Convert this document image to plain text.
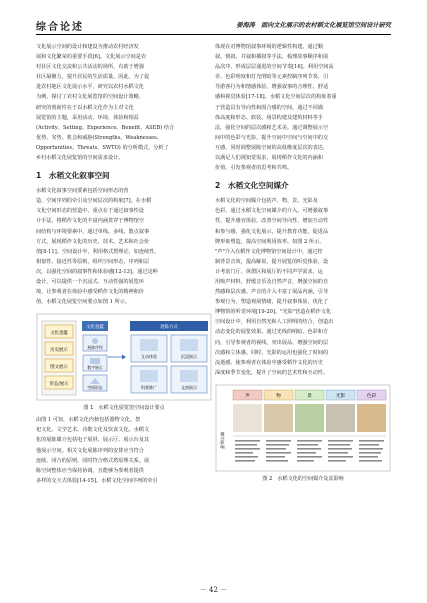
综合论述	晏海涛　面向文化展示的农村稻文化展览馆空间设计研究

文化展示空间的设计和建设为推动农村经济发
展和文化繁荣的重要手段[6]。文化展示空间是农
村社区文化交流和公共活动的场所，有助于增强
社区凝聚力，提升居民的生活质量。因此，为了促
进农村地区文化展示水平，研究以农村水稻文化
为例，探讨了农村文化展览馆的空间设计策略。

研究的创新性在于以水稻文化作为主对文化
展览馆的主题，采用活动、环境、体验和相益
(Activity、Setting、Experience、Benefit，ASEB) 结合
优势、劣势、机会和威胁(Strengths、Weaknesses、
Opportunities、Threats，SWTO) 的分析模式，分析了
乡村水稻文化展览馆的空间需求设计。

1　水稻文化叙事空间

水稻文化叙事空间要素包括空间形态的营
造，空间序列的牵引及空间层次的构象[7]。在水稻
文化空间形态的营造中，重点在于通过叙事性设
计手法，将稻作文化的丰富内涵贯穿于博物馆空
间结构与环境要素中。通过单线、多线、散点叙事
方式，展现稻作文化的历史、技术、艺术和社会价
值[8-11]。空间设计中，利用格式塔理论，如连续性、
相似性、接近性等原则，组织空间形态，序列和层
次，以强化空间的叙事性和体验感[12-13]。通过这种
设计，可以提供一个沉浸式、互动性强的展览环
境，让参观者在体验中感受稻作文化的精神和价
值。水稻文化展览空间要点如图 1 所示。

文化意蕴
历史展示
图文展示
形态/展示
文化意蕴
展陈序列
数字展示
空间形态
展陈方式
互动体验	沉浸展示
科普推广	文创展示
图 1　水稻文化展览馆空间设计要点

由图 1 可知，水稻文化内核包括器物文化、祭
祀文化、文学艺术、诗歌文化及饮食文化。水稻文
化的展陈媒介包括电子展屏、展示厅、展示台及其
他展示空间。相关文化展陈序列的安排应当符合
连续、闭合的原则，同时符合格式塔原理关系。展
陈空间整体应当保持协调，且能够为参观者提供
多样的交互式体验[14-15]。水稻文化空间序列的牵引

体现在对博物馆叙事环境的逻辑性构建。通过顺
叙、倒叙、并叙和插叙等手法，梳理故事顺序和展
品次序，形成层层递进的空间节奏[16]。利用空间高
差、色彩明度和灯光明暗等元素控制序列节奏，引
导游客行为和情感体验，增强叙事的合理性、舒适
感和视觉体验[17-18]。水稻文化空间层次的构象着重
于营造具有导向性和围合感的空间。通过不同墙
体高度和形态、软装、场景构建及建筑材料等手
法，强化空间的层次感和艺术美。通过调整展示空
间中的色彩与光影，提升空间中空间与空间中的交
互感，同时调整展陈空间的高低维度层次的表达，
以满足人们视知觉需求，展现稻作文化的内涵和
价值，引发参观者的思考和共鸣。

2　水稻文化空间媒介

水稻文化的空间媒介包括声、物、景、光影及
色彩。通过水稻文化空间媒介的介入，可增强叙事
性、提升感官体验，改善空间导向性，增加互动性
和参与感，强化文化展示，提升教育功能，促进品
牌形象塑造，提高空间利用效率。如图 2 所示。
"声"介入在稻作文化博物馆空间设计中，通过控
制背景音效，提高解说，提升展览的听觉体验，设
计考虑门厅、休憩区和展厅的不同声学需求，运
用吸声材料，舒缓音乐及自然声音，增强空间的自
然感和层次感。声音的介入丰富了展品内涵，引导
参观行为，塑造观展情绪，提升叙事体验，优化了
博物馆的听觉环境[19-20]。"光影"营造在稻作文化
空间设计中，利用自然光和人工照明的结合，创造出
动态变化的展览效果。通过光线的明暗、色彩和方
向，引导参观者的视线，突出展品，增强空间的层
次感和立体感。同时，光影的运用也强化了时间的
流逝感，使参观者在体验中感受稻作文化的历史
深度和季节变化，提升了空间的艺术性和互动性。

媒介影响
声	物	景	光影	色彩
图 2　水稻文化的空间媒介及其影响
－ 42 －
